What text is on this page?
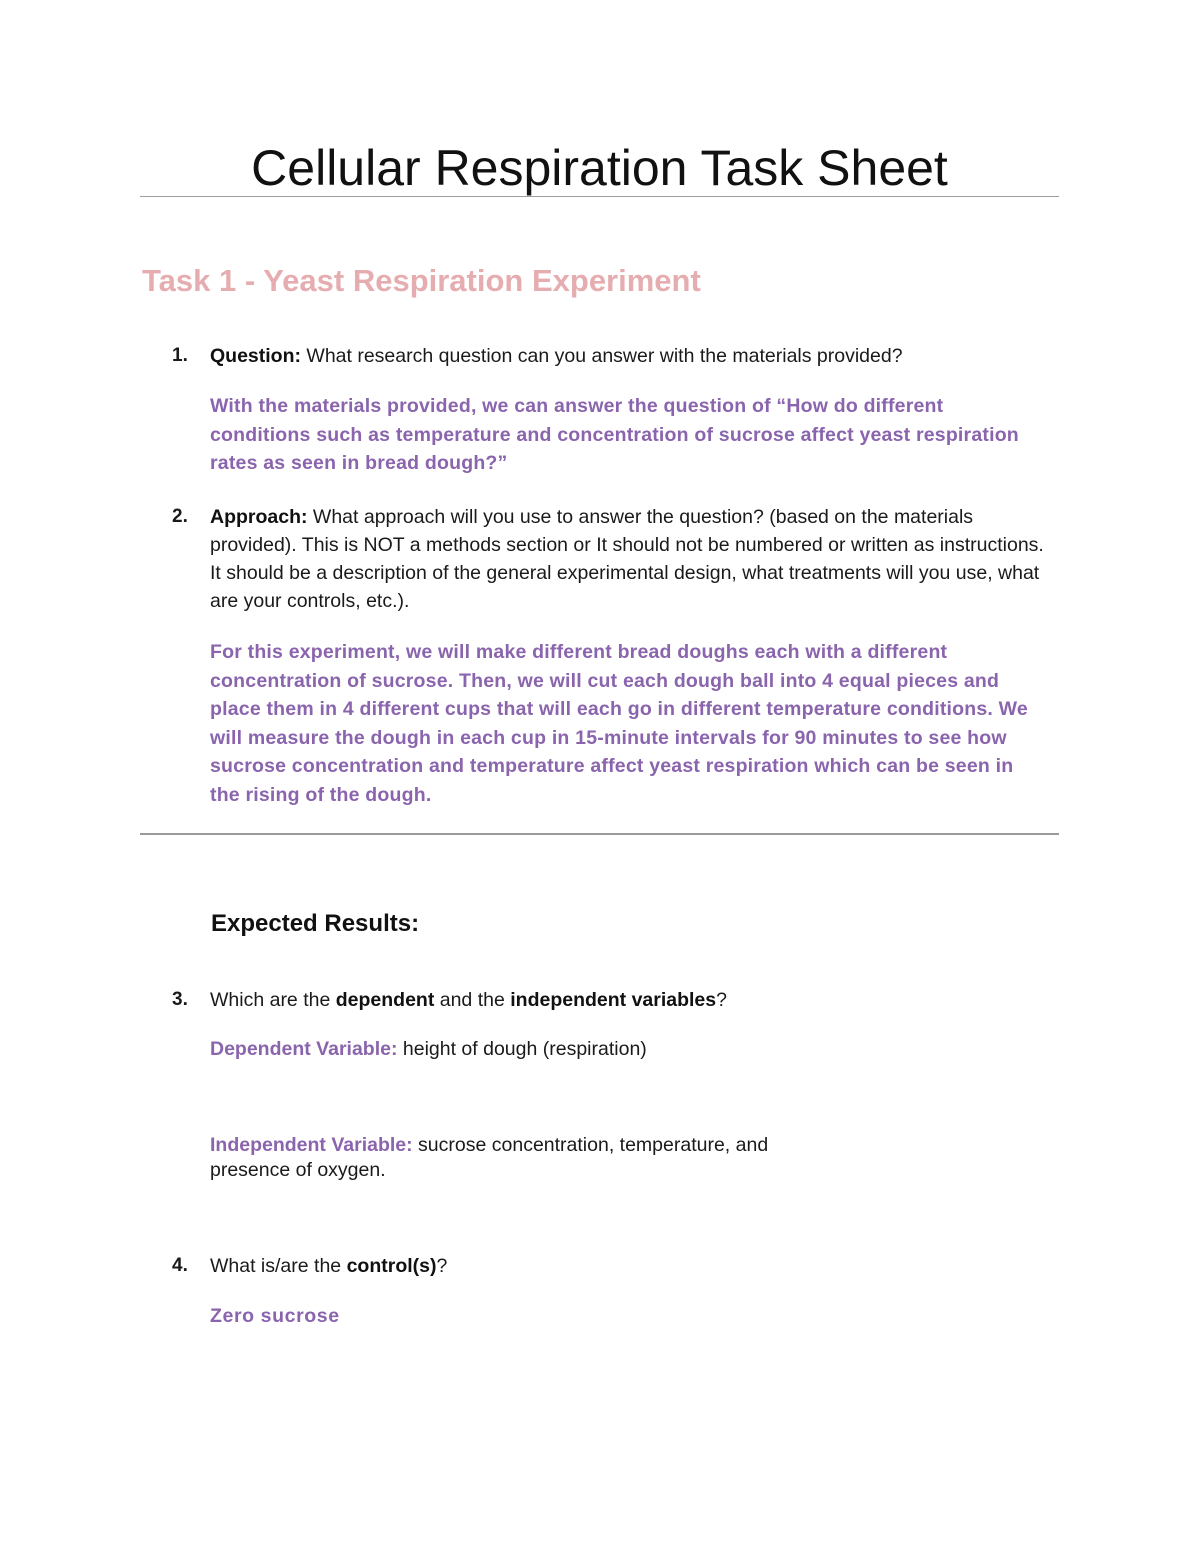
Cellular Respiration Task Sheet
Task 1 - Yeast Respiration Experiment
1.	Question: What research question can you answer with the materials provided?
With the materials provided, we can answer the question of “How do different conditions such as temperature and concentration of sucrose affect yeast respiration rates as seen in bread dough?”
2.	Approach: What approach will you use to answer the question? (based on the materials provided). This is NOT a methods section or It should not be numbered or written as instructions. It should be a description of the general experimental design, what treatments will you use, what are your controls, etc.).
For this experiment, we will make different bread doughs each with a different concentration of sucrose. Then, we will cut each dough ball into 4 equal pieces and place them in 4 different cups that will each go in different temperature conditions. We will measure the dough in each cup in 15-minute intervals for 90 minutes to see how sucrose concentration and temperature affect yeast respiration which can be seen in the rising of the dough.
Expected Results:
3.	Which are the dependent and the independent variables?
Dependent Variable: height of dough (respiration)
Independent Variable: sucrose concentration, temperature, and presence of oxygen.
4.	What is/are the control(s)?
Zero sucrose
